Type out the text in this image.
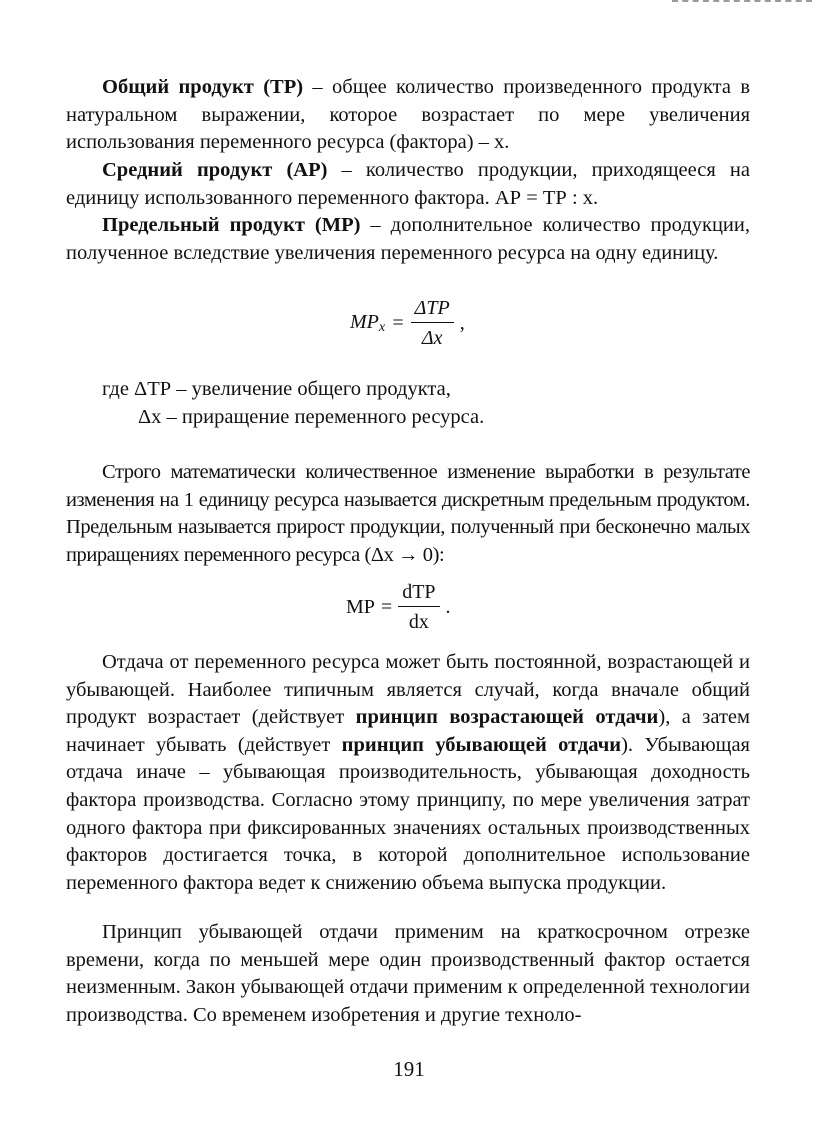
Общий продукт (ТР) – общее количество произведенного продукта в натуральном выражении, которое возрастает по мере увеличения использования переменного ресурса (фактора) – х.

Средний продукт (АР) – количество продукции, приходящееся на единицу использованного переменного фактора. АР = ТР : х.

Предельный продукт (МР) – дополнительное количество продукции, полученное вследствие увеличения переменного ресурса на одну единицу.

$MP_x = \frac{\text{ΔTP}}{\Delta x}$ ,
где ΔТР – увеличение общего продукта,
Δх – приращение переменного ресурса.

Строго математически количественное изменение выработки в результате изменения на 1 единицу ресурса называется дискретным предельным продуктом. Предельным называется прирост продукции, полученный при бесконечно малых приращениях переменного ресурса (Δх → 0):

MP = $\frac{\text{dTP}}{dx}$ .

Отдача от переменного ресурса может быть постоянной, возрастающей и убывающей. Наиболее типичным является случай, когда вначале общий продукт возрастает (действует принцип возрастающей отдачи), а затем начинает убывать (действует принцип убывающей отдачи). Убывающая отдача иначе – убывающая производительность, убывающая доходность фактора производства. Согласно этому принципу, по мере увеличения затрат одного фактора при фиксированных значениях остальных производственных факторов достигается точка, в которой дополнительное использование переменного фактора ведет к снижению объема выпуска продукции.

Принцип убывающей отдачи применим на краткосрочном отрезке времени, когда по меньшей мере один производственный фактор остается неизменным. Закон убывающей отдачи применим к определенной технологии производства. Со временем изобретения и другие техноло-

191
